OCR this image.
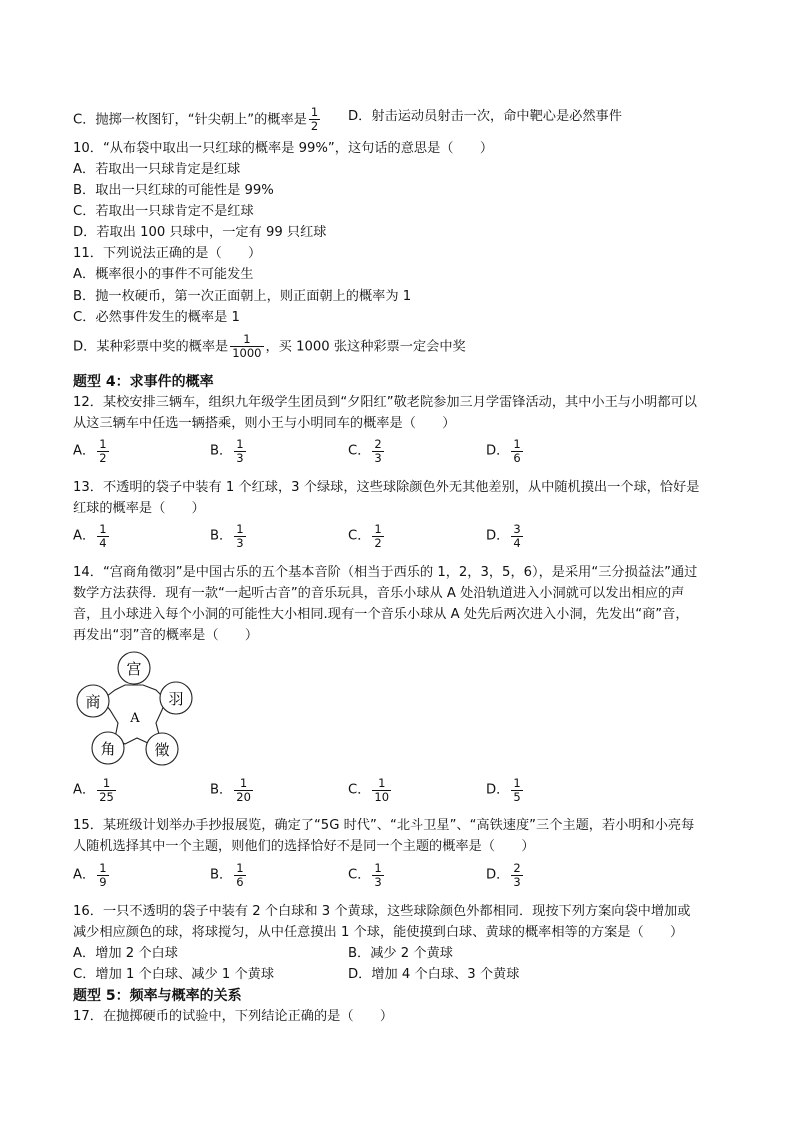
C．抛掷一枚图钉，“针尖朝上”的概率是 $\frac{1}{2}$ D．射击运动员射击一次，命中靶心是必然事件
10．“从布袋中取出一只红球的概率是 99%”，这句话的意思是（　　）
A．若取出一只球肯定是红球
B．取出一只红球的可能性是 99%
C．若取出一只球肯定不是红球
D．若取出 100 只球中，一定有 99 只红球
11．下列说法正确的是（　　）
A．概率很小的事件不可能发生
B．抛一枚硬币，第一次正面朝上，则正面朝上的概率为 1
C．必然事件发生的概率是 1
D．某种彩票中奖的概率是 $\frac{1}{1000}$ ，买 1000 张这种彩票一定会中奖
题型 4：求事件的概率
12．某校安排三辆车，组织九年级学生团员到“夕阳红”敬老院参加三月学雷锋活动，其中小王与小明都可以
从这三辆车中任选一辆搭乘，则小王与小明同车的概率是（　　）
A． $\frac{1}{2}$	B． $\frac{1}{3}$	C． $\frac{2}{3}$	D． $\frac{1}{6}$
13．不透明的袋子中装有 1 个红球，3 个绿球，这些球除颜色外无其他差别，从中随机摸出一个球，恰好是
红球的概率是（　　）
A． $\frac{1}{4}$	B． $\frac{1}{3}$	C． $\frac{1}{2}$	D． $\frac{3}{4}$
14．“宫商角徵羽”是中国古乐的五个基本音阶（相当于西乐的 1，2，3，5，6），是采用“三分损益法”通过
数学方法获得．现有一款“一起听古音”的音乐玩具，音乐小球从 A 处沿轨道进入小洞就可以发出相应的声
音，且小球进入每个小洞的可能性大小相同.现有一个音乐小球从 A 处先后两次进入小洞，先发出“商”音，
再发出“羽”音的概率是（　　）
宫
商	羽
角	徵
A
A． $\frac{1}{25}$	B． $\frac{1}{20}$	C． $\frac{1}{10}$	D． $\frac{1}{5}$
15．某班级计划举办手抄报展览，确定了“5G 时代”、“北斗卫星”、“高铁速度”三个主题，若小明和小亮每
人随机选择其中一个主题，则他们的选择恰好不是同一个主题的概率是（　　）
A． $\frac{1}{9}$	B． $\frac{1}{6}$	C． $\frac{1}{3}$	D． $\frac{2}{3}$
16．一只不透明的袋子中装有 2 个白球和 3 个黄球，这些球除颜色外都相同．现按下列方案向袋中增加或
减少相应颜色的球，将球搅匀，从中任意摸出 1 个球，能使摸到白球、黄球的概率相等的方案是（　　）
A．增加 2 个白球	B．减少 2 个黄球
C．增加 1 个白球、减少 1 个黄球	D．增加 4 个白球、3 个黄球
题型 5：频率与概率的关系
17．在抛掷硬币的试验中，下列结论正确的是（　　）
